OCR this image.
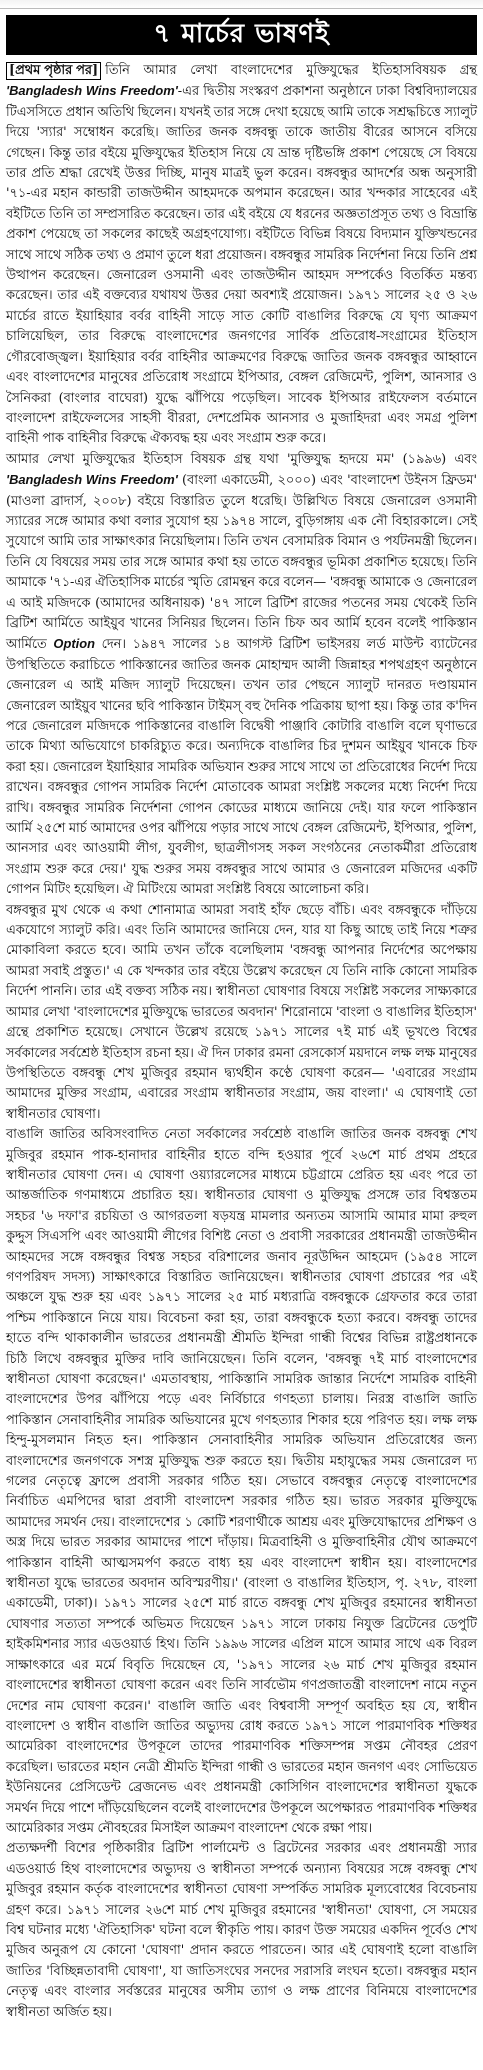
৭ মার্চের ভাষণই

[প্রথম পৃষ্ঠার পর] তিনি আমার লেখা বাংলাদেশের মুক্তিযুদ্ধের ইতিহাসবিষয়ক গ্রন্থ 'Bangladesh Wins Freedom'-এর দ্বিতীয় সংস্করণ প্রকাশনা অনুষ্ঠানে ঢাকা বিশ্ববিদ্যালয়ের টিএসসিতে প্রধান অতিথি ছিলেন। যখনই তার সঙ্গে দেখা হয়েছে আমি তাকে সশ্রদ্ধচিত্তে স্যালুট দিয়ে 'স্যার' সম্বোধন করেছি। জাতির জনক বঙ্গবন্ধু তাকে জাতীয় বীরের আসনে বসিয়ে গেছেন। কিন্তু তার বইয়ে মুক্তিযুদ্ধের ইতিহাস নিয়ে যে ভ্রান্ত দৃষ্টিভঙ্গি প্রকাশ পেয়েছে সে বিষয়ে তার প্রতি শ্রদ্ধা রেখেই উত্তর দিচ্ছি, মানুষ মাত্রই ভুল করেন। বঙ্গবন্ধুর আদর্শের অন্ধ অনুসারী '৭১-এর মহান কান্ডারী তাজউদ্দীন আহমদকে অপমান করেছেন। আর খন্দকার সাহেবের এই বইটিতে তিনি তা সম্প্রসারিত করেছেন। তার এই বইয়ে যে ধরনের অজ্ঞতাপ্রসূত তথ্য ও বিভ্রান্তি প্রকাশ পেয়েছে তা সকলের কাছেই অগ্রহণযোগ্য। বইটিতে বিভিন্ন বিষয়ে বিদ্যমান যুক্তিখন্ডনের সাথে সাথে সঠিক তথ্য ও প্রমাণ তুলে ধরা প্রয়োজন। বঙ্গবন্ধুর সামরিক নির্দেশনা নিয়ে তিনি প্রশ্ন উত্থাপন করেছেন। জেনারেল ওসমানী এবং তাজউদ্দীন আহমদ সম্পর্কেও বিতর্কিত মন্তব্য করেছেন। তার এই বক্তব্যের যথাযথ উত্তর দেয়া অবশ্যই প্রয়োজন। ১৯৭১ সালের ২৫ ও ২৬ মার্চের রাতে ইয়াহিয়ার বর্বর বাহিনী সাড়ে সাত কোটি বাঙালির বিরুদ্ধে যে ঘৃণ্য আক্রমণ চালিয়েছিল, তার বিরুদ্ধে বাংলাদেশের জনগণের সার্বিক প্রতিরোধ-সংগ্রামের ইতিহাস গৌরবোজ্জ্বল। ইয়াহিয়ার বর্বর বাহিনীর আক্রমণের বিরুদ্ধে জাতির জনক বঙ্গবন্ধুর আহ্বানে এবং বাংলাদেশের মানুষের প্রতিরোধ সংগ্রামে ইপিআর, বেঙ্গল রেজিমেন্ট, পুলিশ, আনসার ও সৈনিকরা (বাংলার বাঘেরা) যুদ্ধে ঝাঁপিয়ে পড়েছিল। সাবেক ইপিআর রাইফেলস বর্তমানে বাংলাদেশ রাইফেলসের সাহসী বীররা, দেশপ্রেমিক আনসার ও মুজাহিদরা এবং সমগ্র পুলিশ বাহিনী পাক বাহিনীর বিরুদ্ধে ঐক্যবদ্ধ হয় এবং সংগ্রাম শুরু করে।

আমার লেখা মুক্তিযুদ্ধের ইতিহাস বিষয়ক গ্রন্থ যথা 'মুক্তিযুদ্ধ হৃদয়ে মম' (১৯৯৬) এবং 'Bangladesh Wins Freedom' (বাংলা একাডেমী, ২০০০) এবং 'বাংলাদেশ উইনস ফ্রিডম' (মাওলা ব্রাদার্স, ২০০৮) বইয়ে বিস্তারিত তুলে ধরেছি। উল্লিখিত বিষয়ে জেনারেল ওসমানী স্যারের সঙ্গে আমার কথা বলার সুযোগ হয় ১৯৭৪ সালে, বুড়িগঙ্গায় এক নৌ বিহারকালে। সেই সুযোগে আমি তার সাক্ষাৎকার নিয়েছিলাম। তিনি তখন বেসামরিক বিমান ও পর্যটনমন্ত্রী ছিলেন। তিনি যে বিষয়ের সময় তার সঙ্গে আমার কথা হয় তাতে বঙ্গবন্ধুর ভূমিকা প্রকাশিত হয়েছে। তিনি আমাকে '৭১-এর ঐতিহাসিক মার্চের স্মৃতি রোমন্থন করে বলেন— 'বঙ্গবন্ধু আমাকে ও জেনারেল এ আই মজিদকে (আমাদের অধিনায়ক) '৪৭ সালে ব্রিটিশ রাজের পতনের সময় থেকেই তিনি ব্রিটিশ আর্মিতে আইয়ুব খানের সিনিয়র ছিলেন। তিনি চিফ অব আর্মি হবেন বলেই পাকিস্তান আর্মিতে Option দেন। ১৯৪৭ সালের ১৪ আগস্ট ব্রিটিশ ভাইসরয় লর্ড মাউন্ট ব্যাটেনের উপস্থিতিতে করাচিতে পাকিস্তানের জাতির জনক মোহাম্মদ আলী জিন্নাহর শপথগ্রহণ অনুষ্ঠানে জেনারেল এ আই মজিদ স্যালুট দিয়েছেন। তখন তার পেছনে স্যালুট দানরত দণ্ডায়মান জেনারেল আইয়ুব খানের ছবি পাকিস্তান টাইমস্ বহু দৈনিক পত্রিকায় ছাপা হয়। কিন্তু তার ক'দিন পরে জেনারেল মজিদকে পাকিস্তানের বাঙালি বিদ্বেষী পাঞ্জাবি কোটারি বাঙালি বলে ঘৃণাভরে তাকে মিথ্যা অভিযোগে চাকরিচ্যুত করে। অন্যদিকে বাঙালির চির দুশমন আইয়ুব খানকে চিফ করা হয়। জেনারেল ইয়াহিয়ার সামরিক অভিযান শুরুর সাথে সাথে তা প্রতিরোধের নির্দেশ দিয়ে রাখেন। বঙ্গবন্ধুর গোপন সামরিক নির্দেশ মোতাবেক আমরা সংশ্লিষ্ট সকলের মধ্যে নির্দেশ দিয়ে রাখি। বঙ্গবন্ধুর সামরিক নির্দেশনা গোপন কোডের মাধ্যমে জানিয়ে দেই। যার ফলে পাকিস্তান আর্মি ২৫শে মার্চ আমাদের ওপর ঝাঁপিয়ে পড়ার সাথে সাথে বেঙ্গল রেজিমেন্ট, ইপিআর, পুলিশ, আনসার এবং আওয়ামী লীগ, যুবলীগ, ছাত্রলীগসহ সকল সংগঠনের নেতাকর্মীরা প্রতিরোধ সংগ্রাম শুরু করে দেয়।' যুদ্ধ শুরুর সময় বঙ্গবন্ধুর সাথে আমার ও জেনারেল মজিদের একটি গোপন মিটিং হয়েছিল। ঐ মিটিংয়ে আমরা সংশ্লিষ্ট বিষয়ে আলোচনা করি।

বঙ্গবন্ধুর মুখ থেকে এ কথা শোনামাত্র আমরা সবাই হাঁফ ছেড়ে বাঁচি। এবং বঙ্গবন্ধুকে দাঁড়িয়ে একযোগে স্যালুট করি। এবং তিনি আমাদের জানিয়ে দেন, যার যা কিছু আছে তাই নিয়ে শত্রুর মোকাবিলা করতে হবে। আমি তখন তাঁকে বলেছিলাম 'বঙ্গবন্ধু আপনার নির্দেশের অপেক্ষায় আমরা সবাই প্রস্তুত।' এ কে খন্দকার তার বইয়ে উল্লেখ করেছেন যে তিনি নাকি কোনো সামরিক নির্দেশ পাননি। তার এই বক্তব্য সঠিক নয়। স্বাধীনতা ঘোষণার বিষয়ে সংশ্লিষ্ট সকলের সাক্ষ্যকারে আমার লেখা 'বাংলাদেশের মুক্তিযুদ্ধে ভারতের অবদান' শিরোনামে 'বাংলা ও বাঙালির ইতিহাস' গ্রন্থে প্রকাশিত হয়েছে। সেখানে উল্লেখ রয়েছে ১৯৭১ সালের ৭ই মার্চ এই ভূখণ্ডে বিশ্বের সর্বকালের সর্বশ্রেষ্ঠ ইতিহাস রচনা হয়। ঐ দিন ঢাকার রমনা রেসকোর্স ময়দানে লক্ষ লক্ষ মানুষের উপস্থিতিতে বঙ্গবন্ধু শেখ মুজিবুর রহমান দ্ব্যর্থহীন কণ্ঠে ঘোষণা করেন— 'এবারের সংগ্রাম আমাদের মুক্তির সংগ্রাম, এবারের সংগ্রাম স্বাধীনতার সংগ্রাম, জয় বাংলা।' এ ঘোষণাই তো স্বাধীনতার ঘোষণা।

বাঙালি জাতির অবিসংবাদিত নেতা সর্বকালের সর্বশ্রেষ্ঠ বাঙালি জাতির জনক বঙ্গবন্ধু শেখ মুজিবুর রহমান পাক-হানাদার বাহিনীর হাতে বন্দি হওয়ার পূর্বে ২৬শে মার্চ প্রথম প্রহরে স্বাধীনতার ঘোষণা দেন। এ ঘোষণা ওয়্যারলেসের মাধ্যমে চট্টগ্রামে প্রেরিত হয় এবং পরে তা আন্তর্জাতিক গণমাধ্যমে প্রচারিত হয়। স্বাধীনতার ঘোষণা ও মুক্তিযুদ্ধ প্রসঙ্গে তার বিশ্বস্ততম সহচর '৬ দফা'র রচয়িতা ও আগরতলা ষড়যন্ত্র মামলার অন্যতম আসামি আমার মামা রুহুল কুদ্দুস সিএসপি এবং আওয়ামী লীগের বিশিষ্ট নেতা ও প্রবাসী সরকারের প্রধানমন্ত্রী তাজউদ্দীন আহমদের সঙ্গে বঙ্গবন্ধুর বিশ্বস্ত সহচর বরিশালের জনাব নূরউদ্দিন আহমেদ (১৯৫৪ সালে গণপরিষদ সদস্য) সাক্ষাৎকারে বিস্তারিত জানিয়েছেন। স্বাধীনতার ঘোষণা প্রচারের পর এই অঞ্চলে যুদ্ধ শুরু হয় এবং ১৯৭১ সালের ২৫ মার্চ মধ্যরাত্রি বঙ্গবন্ধুকে গ্রেফতার করে তারা পশ্চিম পাকিস্তানে নিয়ে যায়। বিবেচনা করা হয়, তারা বঙ্গবন্ধুকে হত্যা করবে। বঙ্গবন্ধু তাদের হাতে বন্দি থাকাকালীন ভারতের প্রধানমন্ত্রী শ্রীমতি ইন্দিরা গান্ধী বিশ্বের বিভিন্ন রাষ্ট্রপ্রধানকে চিঠি লিখে বঙ্গবন্ধুর মুক্তির দাবি জানিয়েছেন। তিনি বলেন, 'বঙ্গবন্ধু ৭ই মার্চ বাংলাদেশের স্বাধীনতা ঘোষণা করেছেন।' এমতাবস্থায়, পাকিস্তানি সামরিক জান্তার নির্দেশে সামরিক বাহিনী বাংলাদেশের উপর ঝাঁপিয়ে পড়ে এবং নির্বিচারে গণহত্যা চালায়। নিরস্ত্র বাঙালি জাতি পাকিস্তান সেনাবাহিনীর সামরিক অভিযানের মুখে গণহত্যার শিকার হয়ে পরিণত হয়। লক্ষ লক্ষ হিন্দু-মুসলমান নিহত হন। পাকিস্তান সেনাবাহিনীর সামরিক অভিযান প্রতিরোধের জন্য বাংলাদেশের জনগণকে সশস্ত্র মুক্তিযুদ্ধ শুরু করতে হয়। দ্বিতীয় মহাযুদ্ধের সময় জেনারেল দ্য গলের নেতৃত্বে ফ্রান্সে প্রবাসী সরকার গঠিত হয়। সেভাবে বঙ্গবন্ধুর নেতৃত্বে বাংলাদেশের নির্বাচিত এমপিদের দ্বারা প্রবাসী বাংলাদেশ সরকার গঠিত হয়। ভারত সরকার মুক্তিযুদ্ধে আমাদের সমর্থন দেয়। বাংলাদেশের ১ কোটি শরণার্থীকে আশ্রয় এবং মুক্তিযোদ্ধাদের প্রশিক্ষণ ও অস্ত্র দিয়ে ভারত সরকার আমাদের পাশে দাঁড়ায়। মিত্রবাহিনী ও মুক্তিবাহিনীর যৌথ আক্রমণে পাকিস্তান বাহিনী আত্মসমর্পণ করতে বাধ্য হয় এবং বাংলাদেশ স্বাধীন হয়। বাংলাদেশের স্বাধীনতা যুদ্ধে ভারতের অবদান অবিস্মরণীয়।' (বাংলা ও বাঙালির ইতিহাস, পৃ. ২৭৮, বাংলা একাডেমী, ঢাকা)। ১৯৭১ সালের ২৫শে মার্চ রাতে বঙ্গবন্ধু শেখ মুজিবুর রহমানের স্বাধীনতা ঘোষণার সত্যতা সম্পর্কে অভিমত দিয়েছেন ১৯৭১ সালে ঢাকায় নিযুক্ত ব্রিটেনের ডেপুটি হাইকমিশনার স্যার এডওয়ার্ড হিথ। তিনি ১৯৯৬ সালের এপ্রিল মাসে আমার সাথে এক বিরল সাক্ষাৎকারে এর মর্মে বিবৃতি দিয়েছেন যে, '১৯৭১ সালের ২৬ মার্চ শেখ মুজিবুর রহমান বাংলাদেশের স্বাধীনতা ঘোষণা করেন এবং তিনি সার্বভৌম গণপ্রজাতন্ত্রী বাংলাদেশ নামে নতুন দেশের নাম ঘোষণা করেন।' বাঙালি জাতি এবং বিশ্ববাসী সম্পূর্ণ অবহিত হয় যে, স্বাধীন বাংলাদেশ ও স্বাধীন বাঙালি জাতির অভ্যুদয় রোধ করতে ১৯৭১ সালে পারমাণবিক শক্তিধর আমেরিকা বাংলাদেশের উপকূলে তাদের পারমাণবিক শক্তিসম্পন্ন সপ্তম নৌবহর প্রেরণ করেছিল। ভারতের মহান নেত্রী শ্রীমতি ইন্দিরা গান্ধী ও ভারতের মহান জনগণ এবং সোভিয়েত ইউনিয়নের প্রেসিডেন্ট ব্রেজনেভ এবং প্রধানমন্ত্রী কোসিগিন বাংলাদেশের স্বাধীনতা যুদ্ধকে সমর্থন দিয়ে পাশে দাঁড়িয়েছিলেন বলেই বাংলাদেশের উপকূলে অপেক্ষারত পারমাণবিক শক্তিধর আমেরিকার সপ্তম নৌবহরের মিসাইল আক্রমণ বাংলাদেশ থেকে রক্ষা পায়।

প্রত্যক্ষদর্শী বিশের পৃষ্ঠিকারীর ব্রিটিশ পার্লামেন্ট ও ব্রিটেনের সরকার এবং প্রধানমন্ত্রী স্যার এডওয়ার্ড হিথ বাংলাদেশের অভ্যুদয় ও স্বাধীনতা সম্পর্কে অন্যান্য বিষয়ের সঙ্গে বঙ্গবন্ধু শেখ মুজিবুর রহমান কর্তৃক বাংলাদেশের স্বাধীনতা ঘোষণা সম্পর্কিত সামরিক মূল্যবোধের বিবেচনায় গ্রহণ করে। ১৯৭১ সালের ২৬শে মার্চ শেখ মুজিবুর রহমানের 'স্বাধীনতা' ঘোষণা, সে সময়ের বিশ্ব ঘটনার মধ্যে 'ঐতিহাসিক' ঘটনা বলে স্বীকৃতি পায়। কারণ উক্ত সময়ের একদিন পূর্বেও শেখ মুজিব অনুরূপ যে কোনো 'ঘোষণা' প্রদান করতে পারতেন। আর এই ঘোষণাই হলো বাঙালি জাতির 'বিচ্ছিন্নতাবাদী ঘোষণা', যা জাতিসংঘের সনদের সরাসরি লংঘন হতো। বঙ্গবন্ধুর মহান নেতৃত্ব এবং বাংলার সর্বস্তরের মানুষের অসীম ত্যাগ ও লক্ষ প্রাণের বিনিময়ে বাংলাদেশের স্বাধীনতা অর্জিত হয়।
